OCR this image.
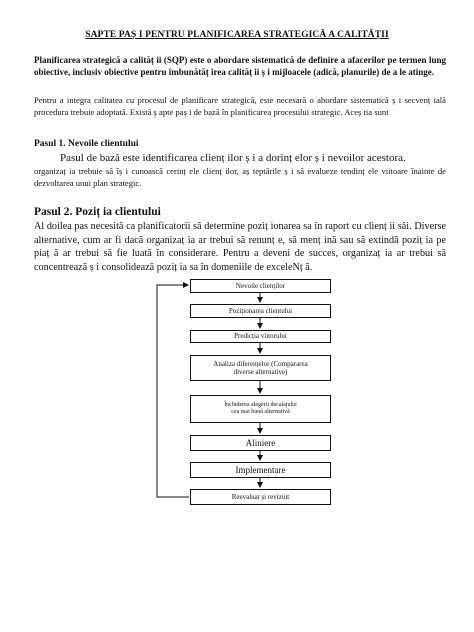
SAPTE PAȘ I PENTRU PLANIFICAREA STRATEGICĂ A CALITĂȚII
Planificarea strategică a calităț ii (SQP) este o abordare sistematică de definire a afacerilor pe termen lung obiective, inclusiv obiective pentru îmbunătăț irea calităț ii ș i mijloacele (adică, planurile) de a le atinge.
Pentru a integra calitatea cu procesul de planificare strategică, este necesară o abordare sistematică ș i secvenț ială procedura trebuie adoptată. Există ș apte paș i de bază în planificarea procesului strategic. Aceș tia sunt
Pasul 1. Nevoile clientului
Pasul de bază este identificarea clienț ilor ș i a dorinț elor ș i nevoilor acestora.
organizaț ia trebuie să îș i cunoască cerinț ele clienț ilor, aș teptările ș i să evalueze tendinț ele viitoare înainte de dezvoltarea unui plan strategic.
Pasul 2. Poziț ia clientului
Al doilea pas necesită ca planificatorii să determine poziț ionarea sa în raport cu clienț ii săi. Diverse alternative, cum ar fi dacă organizaț ia ar trebui să renunț e, să menț ină sau să extindă poziț ia pe piaț ă ar trebui să fie luată în considerare. Pentru a deveni de succes, organizaț ia ar trebui să concentrează ș i consolidează poziț ia sa în domeniile de exceleNț ă.
Nevoile clienților
Poziționarea clientului
Predicția viitorului
Analiza diferențelor (Compararea
diverse alternative)
Închiderea alegerii decalajului
cea mai bună alternativă
Aliniere
Implementare
Reevaluat și revizuit
